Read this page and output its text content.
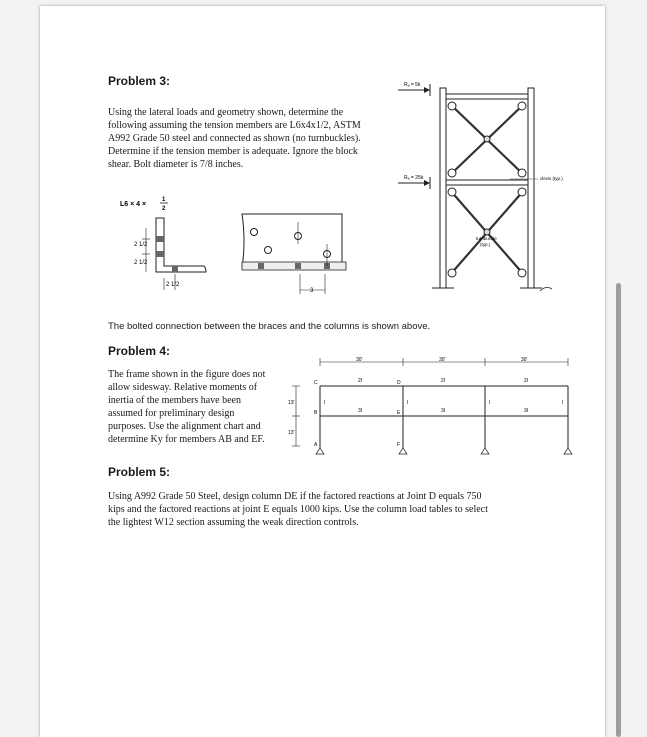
Problem 3:
Using the lateral loads and geometry shown, determine the
following assuming the tension members are L6x4x1/2, ASTM
A992 Grade 50 steel and connected as shown (no turnbuckles).
Determine if the tension member is adequate. Ignore the block
shear. Bolt diameter is 7/8 inches.
Rₐ = 5k
Rₐ = 25k	clevis (typ.)
turnbuckle
(typ.)
L6 × 4 ×
1
2
2 1/2
2 1/2
2 1/2
3
The bolted connection between the braces and the columns is shown above.
Problem 4:
The frame shown in the figure does not
allow sidesway. Relative moments of
inertia of the members have been
assumed for preliminary design
purposes. Use the alignment chart and
determine Ky for members AB and EF.
30'	30'	30'
13'
13'
2I	2I	2I
3I	3I	3I
I	I	I	I
C
B
A
D
E
F
Problem 5:
Using A992 Grade 50 Steel, design column DE if the factored reactions at Joint D equals 750
kips and the factored reactions at joint E equals 1000 kips. Use the column load tables to select
the lightest W12 section assuming the weak direction controls.
